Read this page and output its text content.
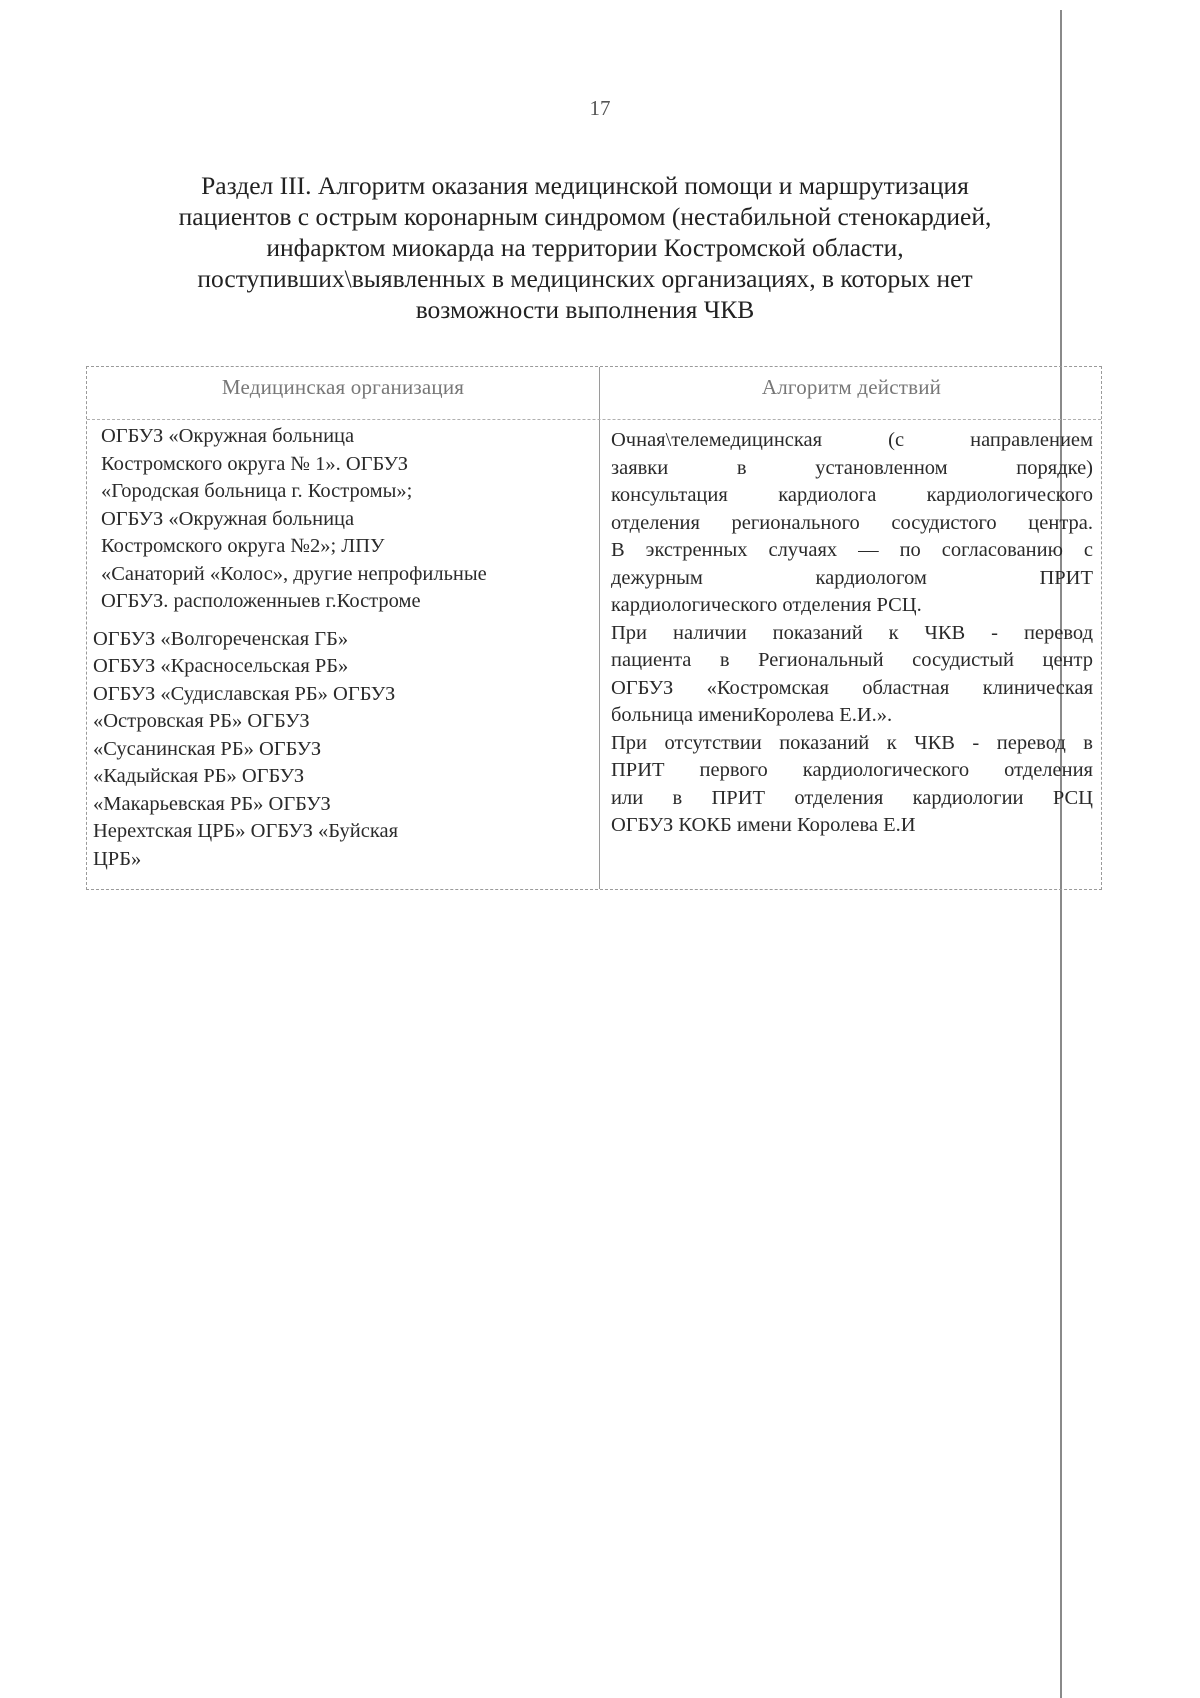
17
Раздел III. Алгоритм оказания медицинской помощи и маршрутизация
пациентов с острым коронарным синдромом (нестабильной стенокардией,
инфарктом миокарда на территории Костромской области,
поступивших\выявленных в медицинских организациях, в которых нет
возможности выполнения ЧКВ
Медицинская организация	Алгоритм действий
ОГБУЗ «Окружная больница
Костромского округа № 1». ОГБУЗ
«Городская больница г. Костромы»;
ОГБУЗ «Окружная больница
Костромского округа №2»; ЛПУ
«Санаторий «Колос», другие непрофильные
ОГБУЗ. расположенныев г.Костроме
ОГБУЗ «Волгореченская ГБ»
ОГБУЗ «Красносельская РБ»
ОГБУЗ «Судиславская РБ» ОГБУЗ
«Островская РБ» ОГБУЗ
«Сусанинская РБ» ОГБУЗ
«Кадыйская РБ» ОГБУЗ
«Макарьевская РБ» ОГБУЗ
Нерехтская ЦРБ» ОГБУЗ «Буйская
ЦРБ»
Очная\телемедицинская (с направлением
заявки в установленном порядке)
консультация кардиолога кардиологического
отделения регионального сосудистого центра.
В экстренных случаях — по согласованию с
дежурным кардиологом ПРИТ
кардиологического отделения РСЦ.
При наличии показаний к ЧКВ - перевод
пациента в Региональный сосудистый центр
ОГБУЗ «Костромская областная клиническая
больница имениКоролева Е.И.».
При отсутствии показаний к ЧКВ - перевод в
ПРИТ первого кардиологического отделения
или в ПРИТ отделения кардиологии РСЦ
ОГБУЗ КОКБ имени Королева Е.И
